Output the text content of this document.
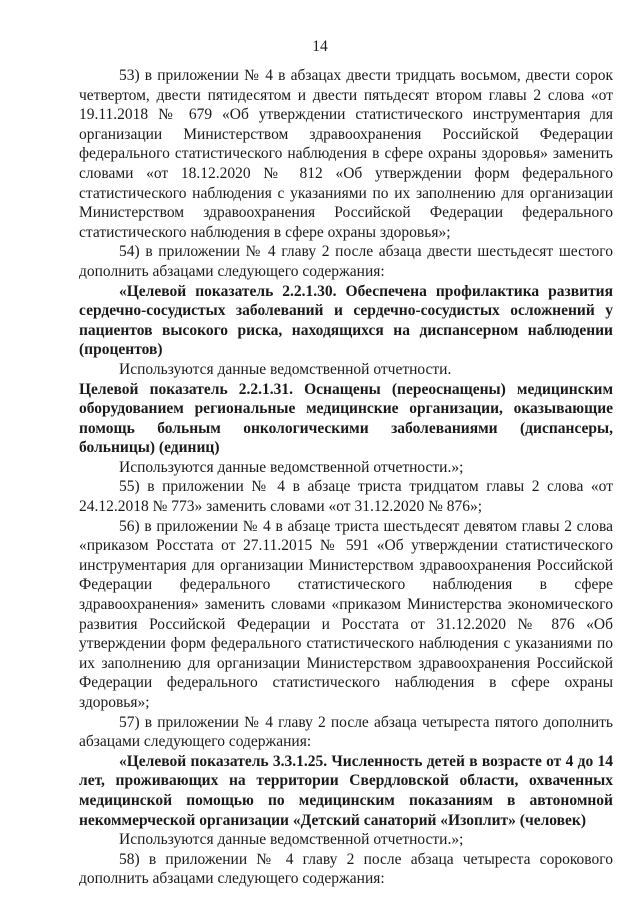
14

53) в приложении № 4 в абзацах двести тридцать восьмом, двести сорок четвертом, двести пятидесятом и двести пятьдесят втором главы 2 слова «от 19.11.2018 № 679 «Об утверждении статистического инструментария для организации Министерством здравоохранения Российской Федерации федерального статистического наблюдения в сфере охраны здоровья» заменить словами «от 18.12.2020 № 812 «Об утверждении форм федерального статистического наблюдения с указаниями по их заполнению для организации Министерством здравоохранения Российской Федерации федерального статистического наблюдения в сфере охраны здоровья»;

54) в приложении № 4 главу 2 после абзаца двести шестьдесят шестого дополнить абзацами следующего содержания:

«Целевой показатель 2.2.1.30. Обеспечена профилактика развития сердечно-сосудистых заболеваний и сердечно-сосудистых осложнений у пациентов высокого риска, находящихся на диспансерном наблюдении (процентов)

Используются данные ведомственной отчетности.

Целевой показатель 2.2.1.31. Оснащены (переоснащены) медицинским оборудованием региональные медицинские организации, оказывающие помощь больным онкологическими заболеваниями (диспансеры, больницы) (единиц)

Используются данные ведомственной отчетности.»;

55) в приложении № 4 в абзаце триста тридцатом главы 2 слова «от 24.12.2018 № 773» заменить словами «от 31.12.2020 № 876»;

56) в приложении № 4 в абзаце триста шестьдесят девятом главы 2 слова «приказом Росстата от 27.11.2015 № 591 «Об утверждении статистического инструментария для организации Министерством здравоохранения Российской Федерации федерального статистического наблюдения в сфере здравоохранения» заменить словами «приказом Министерства экономического развития Российской Федерации и Росстата от 31.12.2020 № 876 «Об утверждении форм федерального статистического наблюдения с указаниями по их заполнению для организации Министерством здравоохранения Российской Федерации федерального статистического наблюдения в сфере охраны здоровья»;

57) в приложении № 4 главу 2 после абзаца четыреста пятого дополнить абзацами следующего содержания:

«Целевой показатель 3.3.1.25. Численность детей в возрасте от 4 до 14 лет, проживающих на территории Свердловской области, охваченных медицинской помощью по медицинским показаниям в автономной некоммерческой организации «Детский санаторий «Изоплит» (человек)

Используются данные ведомственной отчетности.»;

58) в приложении № 4 главу 2 после абзаца четыреста сорокового дополнить абзацами следующего содержания:
